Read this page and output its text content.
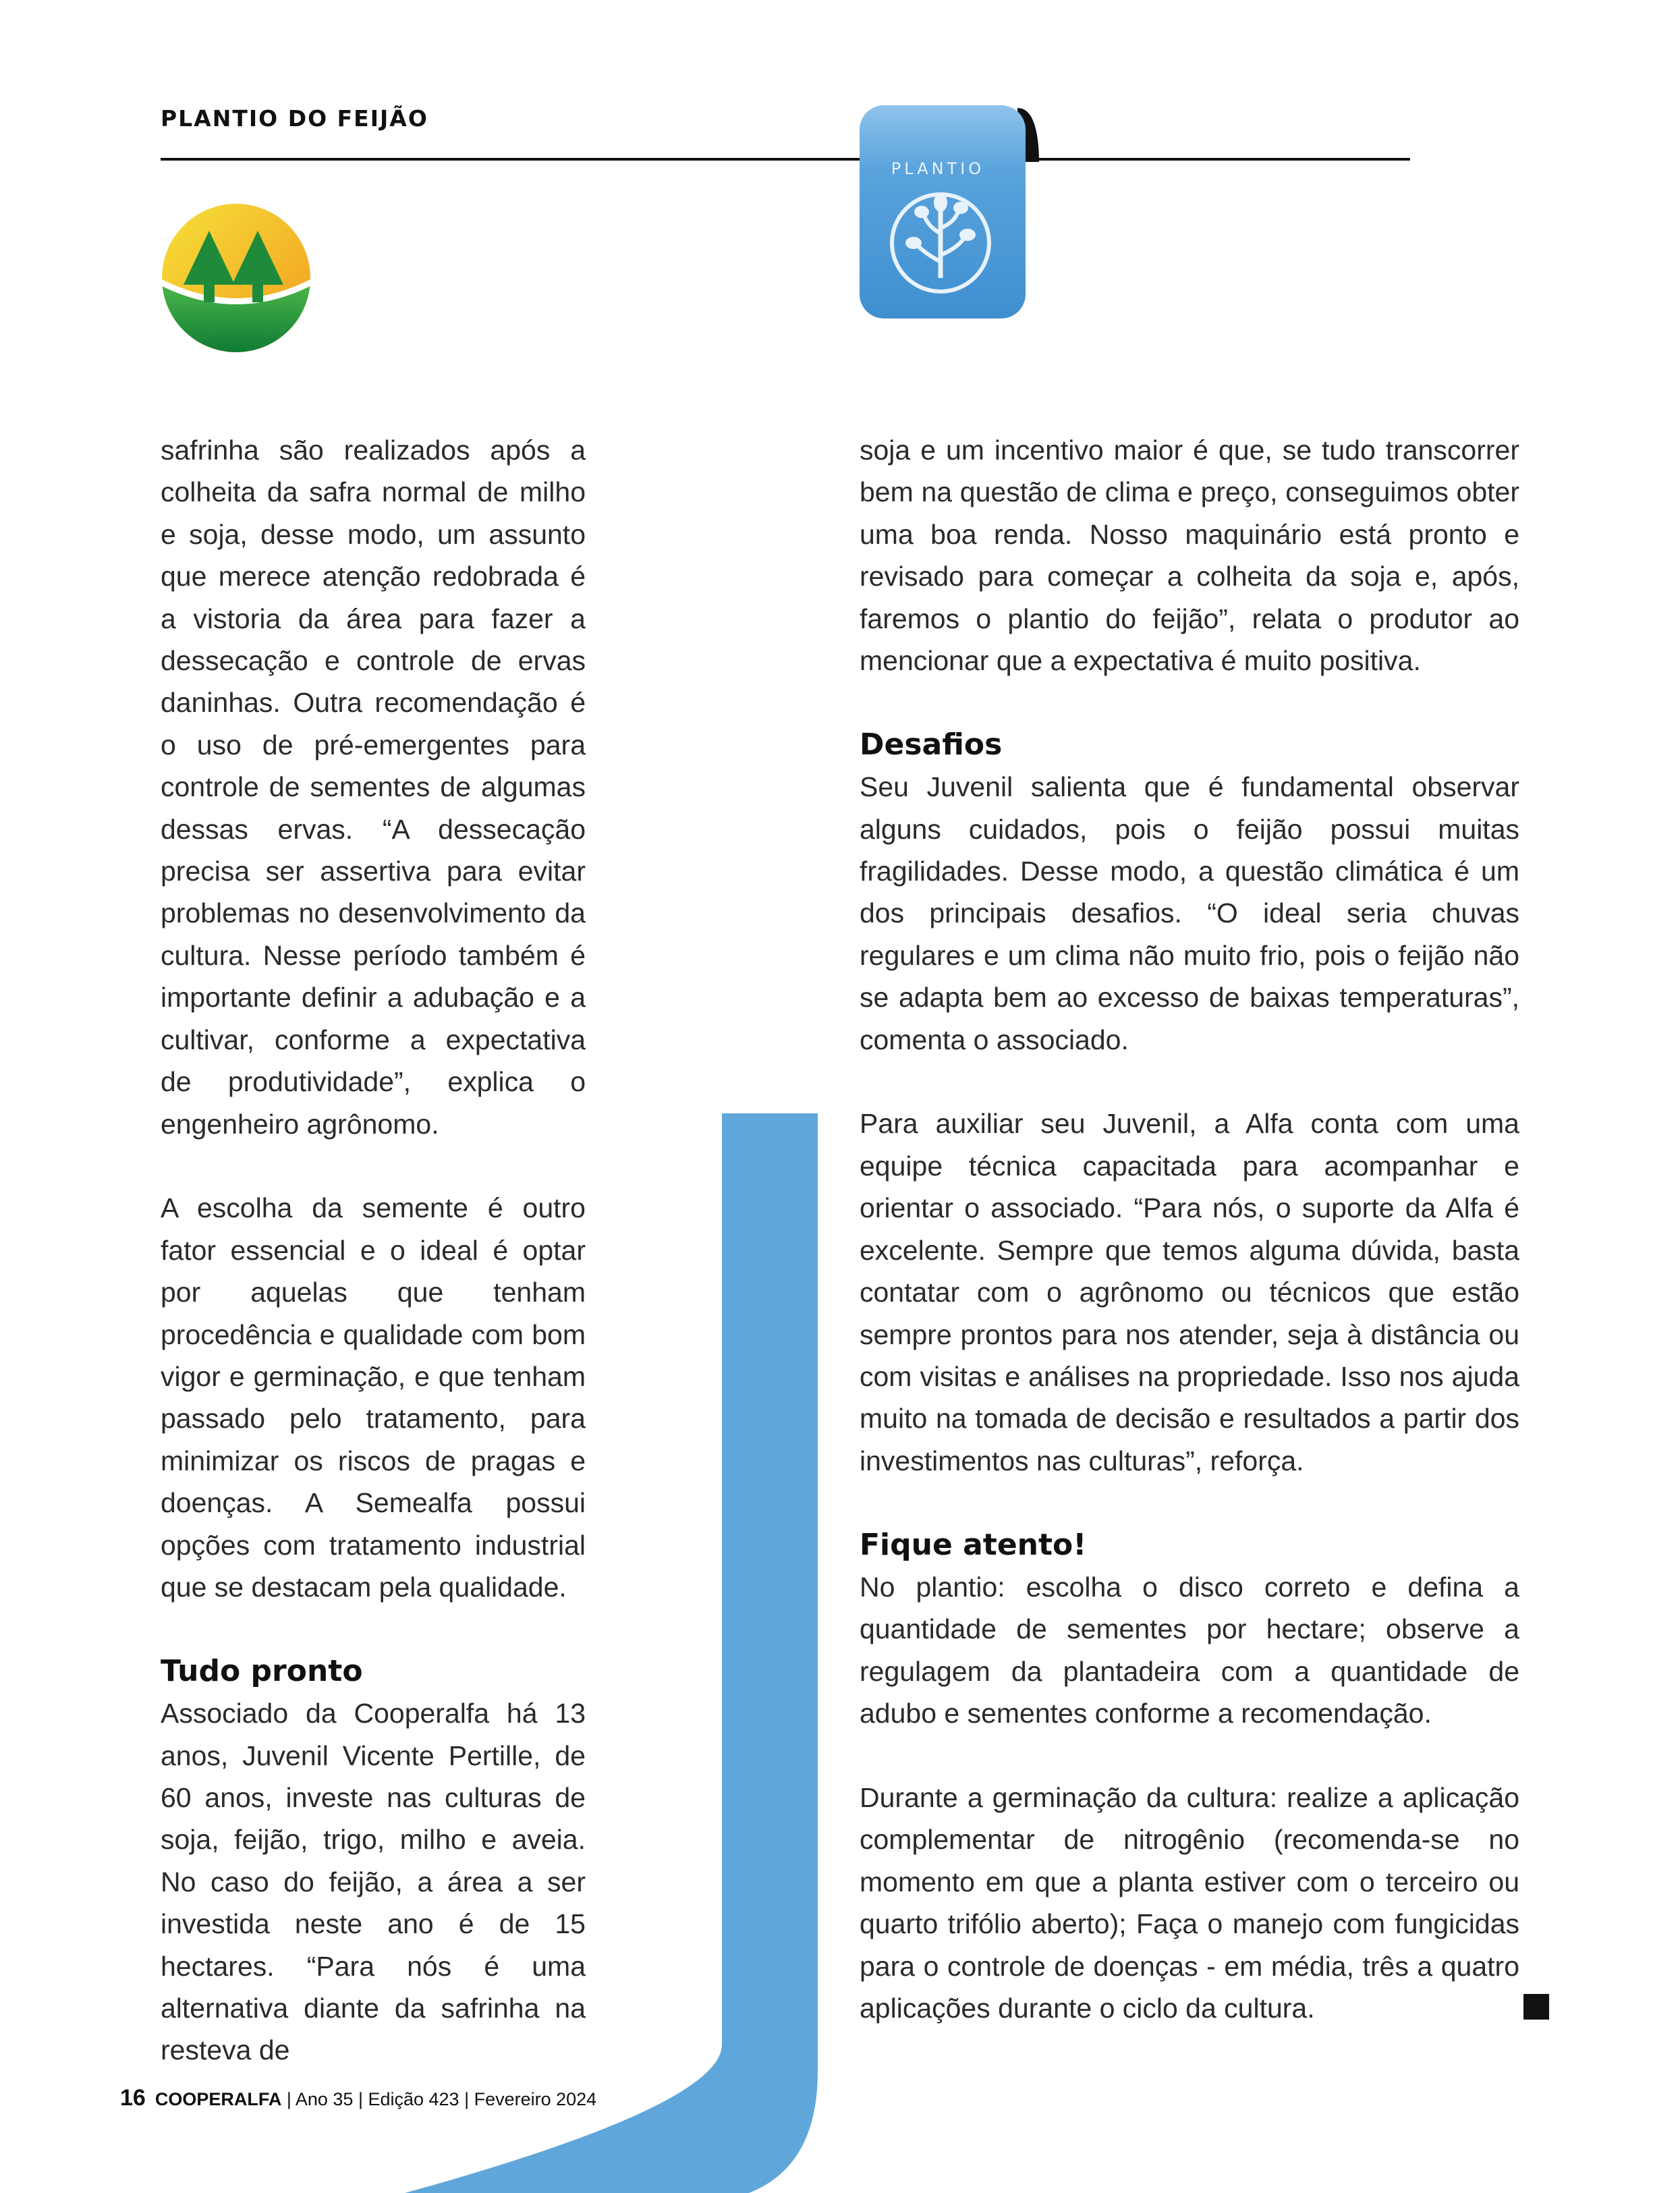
PLANTIO DO FEIJÃO
PLANTIO

safrinha são realizados após a colheita da safra normal de milho e soja, desse modo, um assunto que merece atenção redobrada é a vistoria da área para fazer a dessecação e controle de ervas daninhas. Outra recomendação é o uso de pré-emergentes para controle de sementes de algumas dessas ervas. “A dessecação precisa ser assertiva para evitar problemas no desenvolvimento da cultura. Nesse período também é importante definir a adubação e a cultivar, conforme a expectativa de produtividade”, explica o engenheiro agrônomo.

A escolha da semente é outro fator essencial e o ideal é optar por aquelas que tenham procedência e qualidade com bom vigor e germinação, e que tenham passado pelo tratamento, para minimizar os riscos de pragas e doenças. A Semealfa possui opções com tratamento industrial que se destacam pela qualidade.

Tudo pronto

Associado da Cooperalfa há 13 anos, Juvenil Vicente Pertille, de 60 anos, investe nas culturas de soja, feijão, trigo, milho e aveia. No caso do feijão, a área a ser investida neste ano é de 15 hectares. “Para nós é uma alternativa diante da safrinha na resteva de

soja e um incentivo maior é que, se tudo transcorrer bem na questão de clima e preço, conseguimos obter uma boa renda. Nosso maquinário está pronto e revisado para começar a colheita da soja e, após, faremos o plantio do feijão”, relata o produtor ao mencionar que a expectativa é muito positiva.

Desafios

Seu Juvenil salienta que é fundamental observar alguns cuidados, pois o feijão possui muitas fragilidades. Desse modo, a questão climática é um dos principais desafios. “O ideal seria chuvas regulares e um clima não muito frio, pois o feijão não se adapta bem ao excesso de baixas temperaturas”, comenta o associado.

Para auxiliar seu Juvenil, a Alfa conta com uma equipe técnica capacitada para acompanhar e orientar o associado. “Para nós, o suporte da Alfa é excelente. Sempre que temos alguma dúvida, basta contatar com o agrônomo ou técnicos que estão sempre prontos para nos atender, seja à distância ou com visitas e análises na propriedade. Isso nos ajuda muito na tomada de decisão e resultados a partir dos investimentos nas culturas”, reforça.

Fique atento!

No plantio: escolha o disco correto e defina a quantidade de sementes por hectare; observe a regulagem da plantadeira com a quantidade de adubo e sementes conforme a recomendação.

Durante a germinação da cultura: realize a aplicação complementar de nitrogênio (recomenda-se no momento em que a planta estiver com o terceiro ou quarto trifólio aberto); Faça o manejo com fungicidas para o controle de doenças - em média, três a quatro aplicações durante o ciclo da cultura.

16 COOPERALFA | Ano 35 | Edição 423 | Fevereiro 2024
